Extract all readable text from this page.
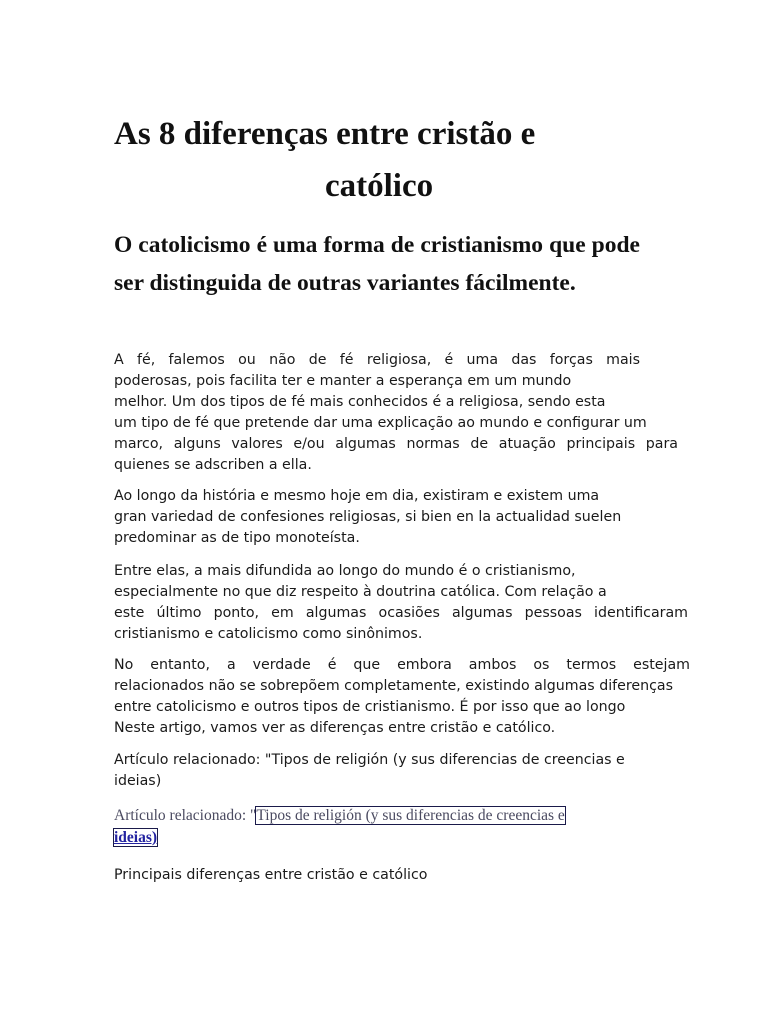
As 8 diferenças entre cristão e

católico
O catolicismo é uma forma de cristianismo que pode ser distinguida de outras variantes fácilmente.
A fé, falemos ou não de fé religiosa, é uma das forças mais
poderosas, pois facilita ter e manter a esperança em um mundo
melhor. Um dos tipos de fé mais conhecidos é a religiosa, sendo esta
um tipo de fé que pretende dar uma explicação ao mundo e configurar um
marco, alguns valores e/ou algumas normas de atuação principais para
quienes se adscriben a ella.
Ao longo da história e mesmo hoje em dia, existiram e existem uma
gran variedad de confesiones religiosas, si bien en la actualidad suelen
predominar as de tipo monoteísta.
Entre elas, a mais difundida ao longo do mundo é o cristianismo,
especialmente no que diz respeito à doutrina católica. Com relação a
este último ponto, em algumas ocasiões algumas pessoas identificaram
cristianismo e catolicismo como sinônimos.
No entanto, a verdade é que embora ambos os termos estejam
relacionados não se sobrepõem completamente, existindo algumas diferenças
entre catolicismo e outros tipos de cristianismo. É por isso que ao longo
Neste artigo, vamos ver as diferenças entre cristão e católico.
Artículo relacionado: "Tipos de religión (y sus diferencias de creencias e
ideias)
Artículo relacionado: "Tipos de religión (y sus diferencias de creencias e
ideias)
Principais diferenças entre cristão e católico
